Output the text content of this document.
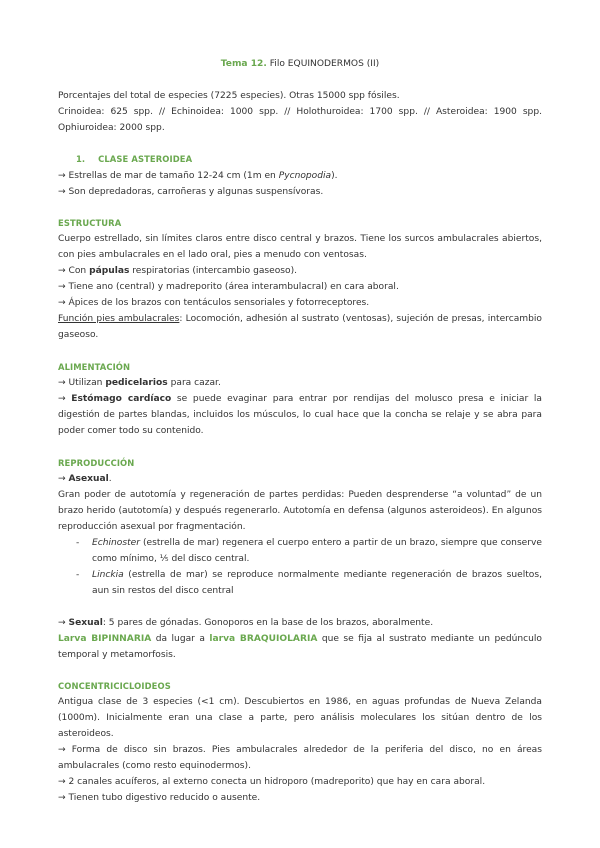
Tema 12. Filo EQUINODERMOS (II)

Porcentajes del total de especies (7225 especies). Otras 15000 spp fósiles.

Crinoidea: 625 spp. // Echinoidea: 1000 spp. // Holothuroidea: 1700 spp. // Asteroidea: 1900 spp.

Ophiuroidea: 2000 spp.

1. CLASE ASTEROIDEA

→ Estrellas de mar de tamaño 12-24 cm (1m en Pycnopodia).

→ Son depredadoras, carroñeras y algunas suspensívoras.

ESTRUCTURA

Cuerpo estrellado, sin límites claros entre disco central y brazos. Tiene los surcos ambulacrales abiertos, con pies ambulacrales en el lado oral, pies a menudo con ventosas.

→ Con pápulas respiratorias (intercambio gaseoso).

→ Tiene ano (central) y madreporito (área interambulacral) en cara aboral.

→ Ápices de los brazos con tentáculos sensoriales y fotorreceptores.

Función pies ambulacrales: Locomoción, adhesión al sustrato (ventosas), sujeción de presas, intercambio gaseoso.

ALIMENTACIÓN

→ Utilizan pedicelarios para cazar.

→ Estómago cardíaco se puede evaginar para entrar por rendijas del molusco presa e iniciar la digestión de partes blandas, incluidos los músculos, lo cual hace que la concha se relaje y se abra para poder comer todo su contenido.

REPRODUCCIÓN

→ Asexual.

Gran poder de autotomía y regeneración de partes perdidas: Pueden desprenderse “a voluntad” de un brazo herido (autotomía) y después regenerarlo. Autotomía en defensa (algunos asteroideos). En algunos reproducción asexual por fragmentación.

- Echinoster (estrella de mar) regenera el cuerpo entero a partir de un brazo, siempre que conserve como mínimo, ⅕ del disco central.

- Linckia (estrella de mar) se reproduce normalmente mediante regeneración de brazos sueltos, aun sin restos del disco central

→ Sexual: 5 pares de gónadas. Gonoporos en la base de los brazos, aboralmente.

Larva BIPINNARIA da lugar a larva BRAQUIOLARIA que se fija al sustrato mediante un pedúnculo temporal y metamorfosis.

CONCENTRICICLOIDEOS

Antigua clase de 3 especies (<1 cm). Descubiertos en 1986, en aguas profundas de Nueva Zelanda (1000m). Inicialmente eran una clase a parte, pero análisis moleculares los sitúan dentro de los asteroideos.

→ Forma de disco sin brazos. Pies ambulacrales alrededor de la periferia del disco, no en áreas ambulacrales (como resto equinodermos).

→ 2 canales acuíferos, al externo conecta un hidroporo (madreporito) que hay en cara aboral.

→ Tienen tubo digestivo reducido o ausente.
